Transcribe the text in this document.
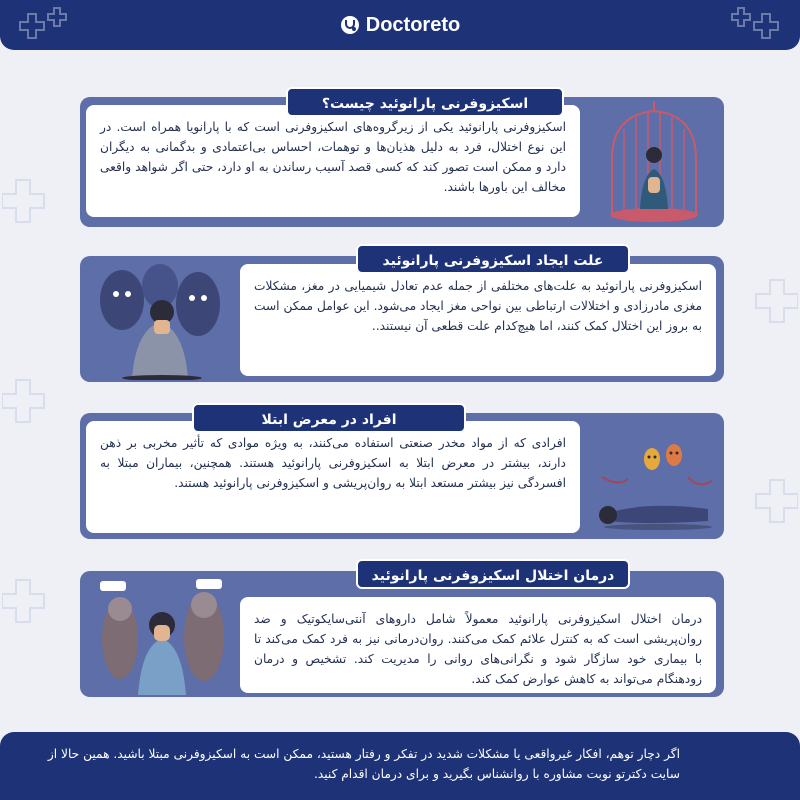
Doctoreto
اسکیزوفرنی پارانوئید یکی از زیرگروه‌های اسکیزوفرنی است که با پارانویا همراه است. در این نوع اختلال، فرد به دلیل هذیان‌ها و توهمات، احساس بی‌اعتمادی و بدگمانی به دیگران دارد و ممکن است تصور کند که کسی قصد آسیب رساندن به او دارد، حتی اگر شواهد واقعی مخالف این باورها باشند.
اسکیزوفرنی پارانوئید چیست؟
اسکیزوفرنی پارانوئید به علت‌های مختلفی از جمله عدم تعادل شیمیایی در مغز، مشکلات مغزی مادرزادی و اختلالات ارتباطی بین نواحی مغز ایجاد می‌شود. این عوامل ممکن است به بروز این اختلال کمک کنند، اما هیچ‌کدام علت قطعی آن نیستند..
علت ایجاد اسکیزوفرنی پارانوئید
افرادی که از مواد مخدر صنعتی استفاده می‌کنند، به ویژه موادی که تأثیر مخربی بر ذهن دارند، بیشتر در معرض ابتلا به اسکیزوفرنی پارانوئید هستند. همچنین، بیماران مبتلا به افسردگی نیز بیشتر مستعد ابتلا به روان‌پریشی و اسکیزوفرنی پارانوئید هستند.
افراد در معرض ابتلا
درمان اختلال اسکیزوفرنی پارانوئید معمولاً شامل داروهای آنتی‌سایکوتیک و ضد روان‌پریشی است که به کنترل علائم کمک می‌کنند. روان‌درمانی نیز به فرد کمک می‌کند تا با بیماری خود سازگار شود و نگرانی‌های روانی را مدیریت کند. تشخیص و درمان زودهنگام می‌تواند به کاهش عوارض کمک کند.
درمان اختلال اسکیزوفرنی پارانوئید
اگر دچار توهم، افکار غیرواقعی یا مشکلات شدید در تفکر و رفتار هستید، ممکن است به اسکیزوفرنی مبتلا باشید. همین حالا از سایت دکترتو نوبت مشاوره با روانشناس بگیرید و برای درمان اقدام کنید.
